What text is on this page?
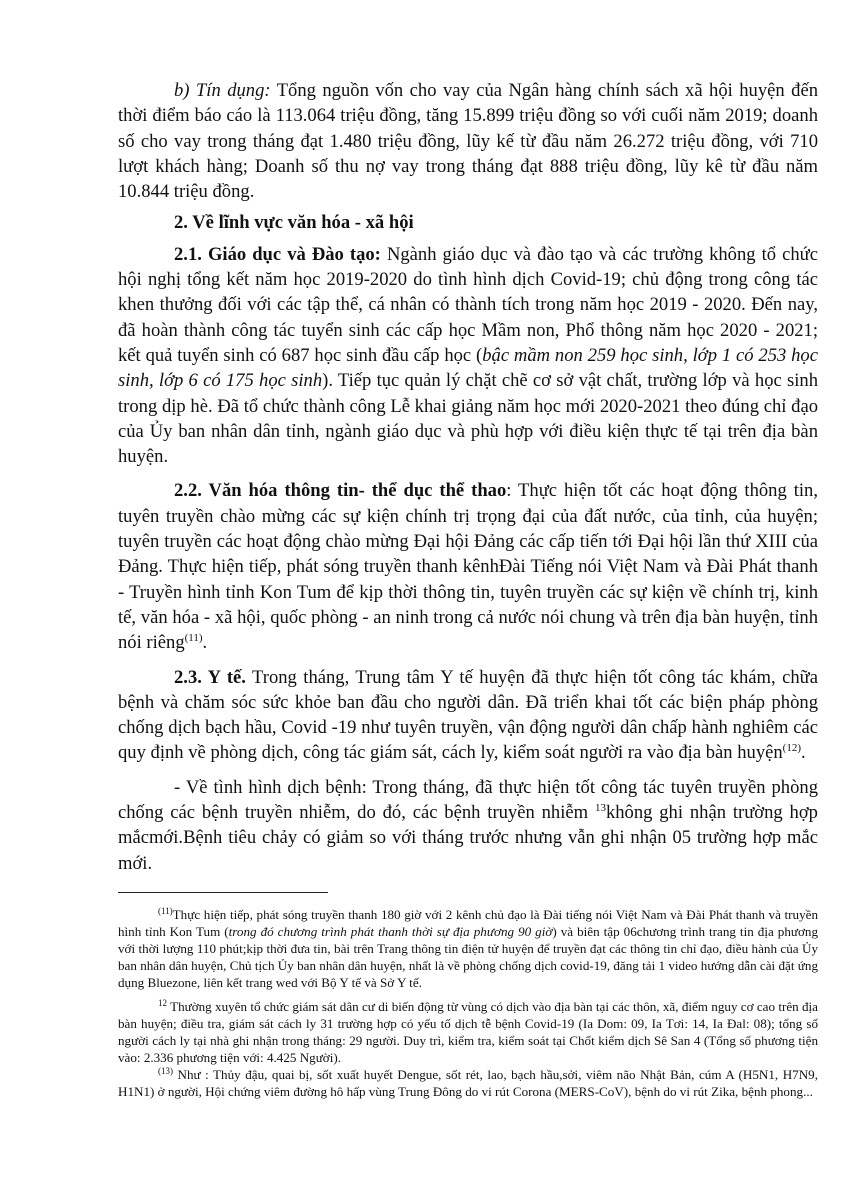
b) Tín dụng: Tổng nguồn vốn cho vay của Ngân hàng chính sách xã hội huyện đến thời điểm báo cáo là 113.064 triệu đồng, tăng 15.899 triệu đồng so với cuối năm 2019; doanh số cho vay trong tháng đạt 1.480 triệu đồng, lũy kế từ đầu năm 26.272 triệu đồng, với 710 lượt khách hàng; Doanh số thu nợ vay trong tháng đạt 888 triệu đồng, lũy kê từ đầu năm 10.844 triệu đồng.

2. Về lĩnh vực văn hóa - xã hội

2.1. Giáo dục và Đào tạo: Ngành giáo dục và đào tạo và các trường không tổ chức hội nghị tổng kết năm học 2019-2020 do tình hình dịch Covid-19; chủ động trong công tác khen thưởng đối với các tập thể, cá nhân có thành tích trong năm học 2019 - 2020. Đến nay, đã hoàn thành công tác tuyển sinh các cấp học Mầm non, Phổ thông năm học 2020 - 2021; kết quả tuyển sinh có 687 học sinh đầu cấp học (bậc mầm non 259 học sinh, lớp 1 có 253 học sinh, lớp 6 có 175 học sinh). Tiếp tục quản lý chặt chẽ cơ sở vật chất, trường lớp và học sinh trong dịp hè. Đã tổ chức thành công Lễ khai giảng năm học mới 2020-2021 theo đúng chỉ đạo của Ủy ban nhân dân tỉnh, ngành giáo dục và phù hợp với điều kiện thực tế tại trên địa bàn huyện.

2.2. Văn hóa thông tin- thể dục thể thao: Thực hiện tốt các hoạt động thông tin, tuyên truyền chào mừng các sự kiện chính trị trọng đại của đất nước, của tỉnh, của huyện; tuyên truyền các hoạt động chào mừng Đại hội Đảng các cấp tiến tới Đại hội lần thứ XIII của Đảng. Thực hiện tiếp, phát sóng truyền thanh kênhĐài Tiếng nói Việt Nam và Đài Phát thanh - Truyền hình tỉnh Kon Tum để kịp thời thông tin, tuyên truyền các sự kiện về chính trị, kinh tế, văn hóa - xã hội, quốc phòng - an ninh trong cả nước nói chung và trên địa bàn huyện, tỉnh nói riêng$^{(11)}$.

2.3. Y tế. Trong tháng, Trung tâm Y tế huyện đã thực hiện tốt công tác khám, chữa bệnh và chăm sóc sức khỏe ban đầu cho người dân. Đã triển khai tốt các biện pháp phòng chống dịch bạch hầu, Covid -19 như tuyên truyền, vận động người dân chấp hành nghiêm các quy định về phòng dịch, công tác giám sát, cách ly, kiểm soát người ra vào địa bàn huyện$^{(12)}$.

- Về tình hình dịch bệnh: Trong tháng, đã thực hiện tốt công tác tuyên truyền phòng chống các bệnh truyền nhiễm, do đó, các bệnh truyền nhiễm $^{13}$không ghi nhận trường hợp mắcmới.Bệnh tiêu chảy có giảm so với tháng trước nhưng vẫn ghi nhận 05 trường hợp mắc mới.

$^{(11)}$Thực hiện tiếp, phát sóng truyền thanh 180 giờ với 2 kênh chủ đạo là Đài tiếng nói Việt Nam và Đài Phát thanh và truyền hình tỉnh Kon Tum (trong đó chương trình phát thanh thời sự địa phương 90 giờ) và biên tập 06chương trình trang tin địa phương với thời lượng 110 phút;kịp thời đưa tin, bài trên Trang thông tin điện tử huyện để truyền đạt các thông tin chỉ đạo, điều hành của Ủy ban nhân dân huyện, Chủ tịch Ủy ban nhân dân huyện, nhất là về phòng chống dịch covid-19, đăng tải 1 video hướng dẫn cài đặt ứng dụng Bluezone, liên kết trang wed với Bộ Y tế và Sở Y tế.

$^{12}$ Thường xuyên tổ chức giám sát dân cư di biến động từ vùng có dịch vào địa bàn tại các thôn, xã, điểm nguy cơ cao trên địa bàn huyện; điều tra, giám sát cách ly 31 trường hợp có yếu tố dịch tễ bệnh Covid-19 (Ia Dom: 09, Ia Tơi: 14, Ia Đal: 08); tổng số người cách ly tại nhà ghi nhận trong tháng: 29 người. Duy trì, kiểm tra, kiểm soát tại Chốt kiểm dịch Sê San 4 (Tổng số phương tiện vào: 2.336 phương tiện với: 4.425 Người).

$^{(13)}$ Như : Thủy đậu, quai bị, sốt xuất huyết Dengue, sốt rét, lao, bạch hầu,sởi, viêm não Nhật Bản, cúm A (H5N1, H7N9, H1N1) ở người, Hội chứng viêm đường hô hấp vùng Trung Đông do vi rút Corona (MERS-CoV), bệnh do vi rút Zika, bệnh phong...
